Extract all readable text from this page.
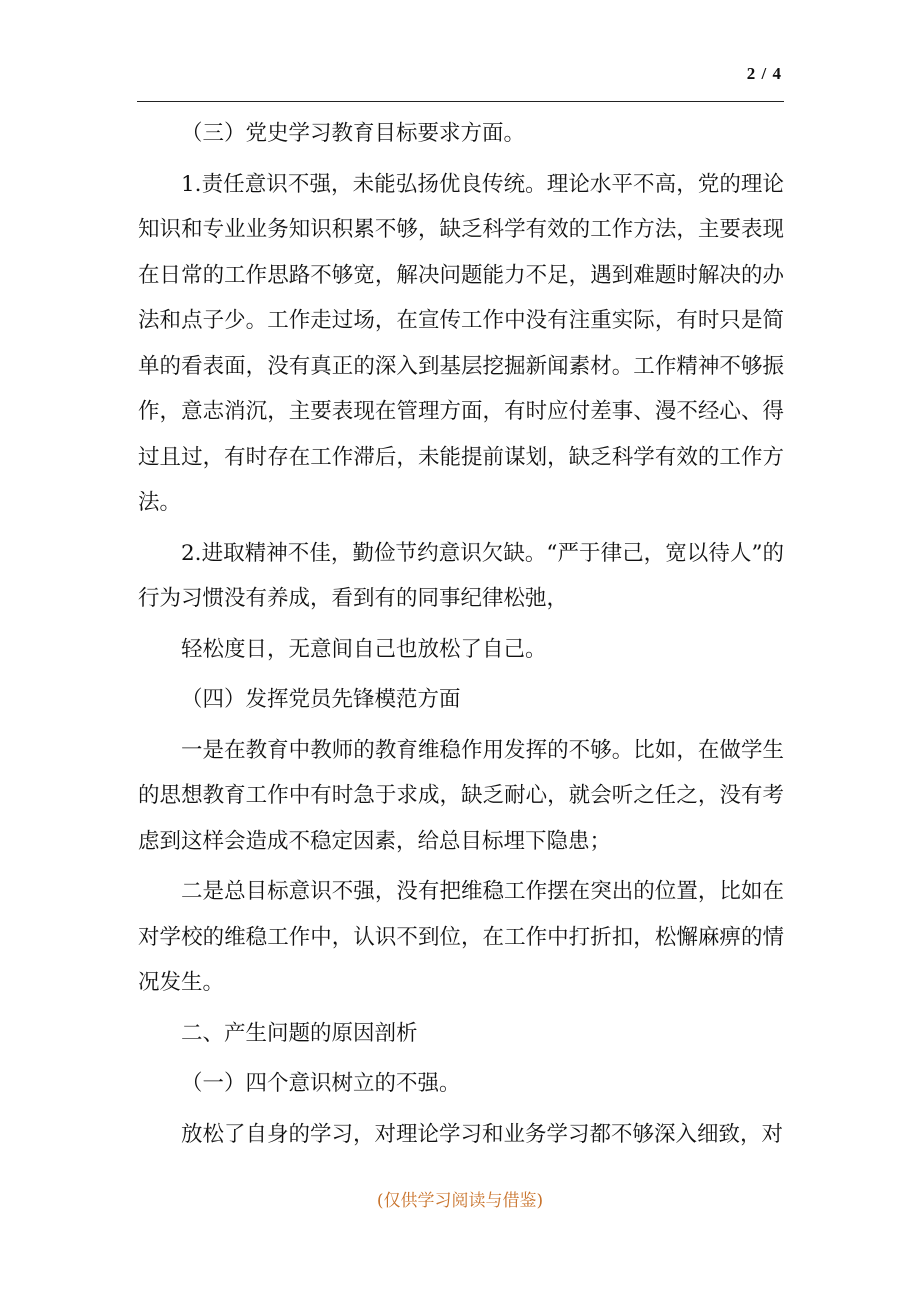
2 / 4

（三）党史学习教育目标要求方面。

1.责任意识不强，未能弘扬优良传统。理论水平不高，党的理论知识和专业业务知识积累不够，缺乏科学有效的工作方法，主要表现在日常的工作思路不够宽，解决问题能力不足，遇到难题时解决的办法和点子少。工作走过场，在宣传工作中没有注重实际，有时只是简单的看表面，没有真正的深入到基层挖掘新闻素材。工作精神不够振作，意志消沉，主要表现在管理方面，有时应付差事、漫不经心、得过且过，有时存在工作滞后，未能提前谋划，缺乏科学有效的工作方法。

2.进取精神不佳，勤俭节约意识欠缺。“严于律己，宽以待人”的行为习惯没有养成，看到有的同事纪律松弛，

轻松度日，无意间自己也放松了自己。

（四）发挥党员先锋模范方面

一是在教育中教师的教育维稳作用发挥的不够。比如，在做学生的思想教育工作中有时急于求成，缺乏耐心，就会听之任之，没有考虑到这样会造成不稳定因素，给总目标埋下隐患；

二是总目标意识不强，没有把维稳工作摆在突出的位置，比如在对学校的维稳工作中，认识不到位，在工作中打折扣，松懈麻痹的情况发生。

二、产生问题的原因剖析

（一）四个意识树立的不强。

放松了自身的学习，对理论学习和业务学习都不够深入细致，对

(仅供学习阅读与借鉴)
